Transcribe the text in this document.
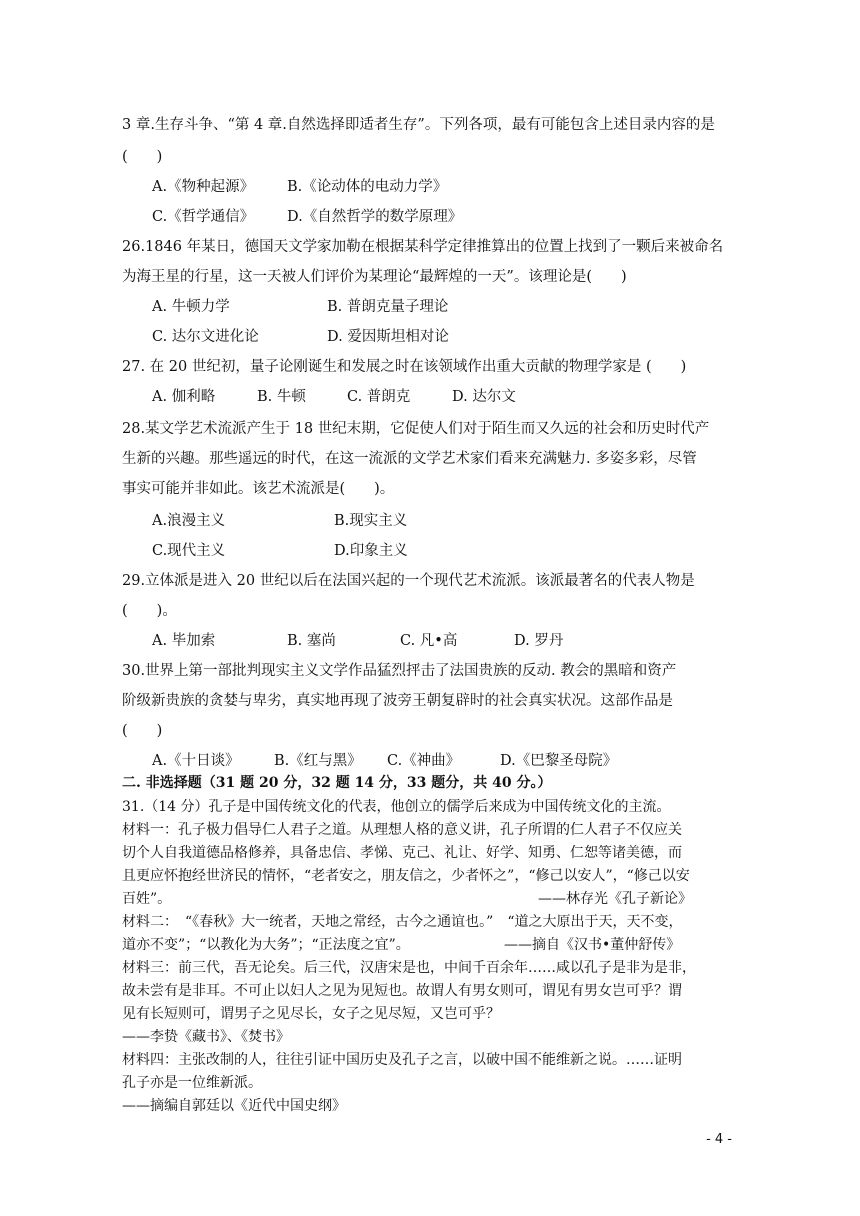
3 章.生存斗争、“第 4 章.自然选择即适者生存”。下列各项，最有可能包含上述目录内容的是
(　　)
A.《物种起源》 B.《论动体的电动力学》
C.《哲学通信》 D.《自然哲学的数学原理》
26.1846 年某日，德国天文学家加勒在根据某科学定律推算出的位置上找到了一颗后来被命名
为海王星的行星，这一天被人们评价为某理论“最辉煌的一天”。该理论是(　　)
A. 牛顿力学	B. 普朗克量子理论
C. 达尔文进化论	D. 爱因斯坦相对论
27. 在 20 世纪初，量子论刚诞生和发展之时在该领域作出重大贡献的物理学家是 (　　)
A. 伽利略	B. 牛顿	C. 普朗克	D. 达尔文
28.某文学艺术流派产生于 18 世纪末期，它促使人们对于陌生而又久远的社会和历史时代产
生新的兴趣。那些遥远的时代，在这一流派的文学艺术家们看来充满魅力. 多姿多彩，尽管
事实可能并非如此。该艺术流派是(　　)。
A.浪漫主义	B.现实主义
C.现代主义	D.印象主义
29.立体派是进入 20 世纪以后在法国兴起的一个现代艺术流派。该派最著名的代表人物是
(　　)。
A. 毕加索	B. 塞尚	C. 凡•高	D. 罗丹
30.世界上第一部批判现实主义文学作品猛烈抨击了法国贵族的反动. 教会的黑暗和资产
阶级新贵族的贪婪与卑劣，真实地再现了波旁王朝复辟时的社会真实状况。这部作品是
(　　)
A.《十日谈》 B.《红与黑》 C.《神曲》	D.《巴黎圣母院》
二. 非选择题（31 题 20 分，32 题 14 分，33 题分，共 40 分。）
31.（14 分）孔子是中国传统文化的代表，他创立的儒学后来成为中国传统文化的主流。
材料一：孔子极力倡导仁人君子之道。从理想人格的意义讲，孔子所谓的仁人君子不仅应关
切个人自我道德品格修养，具备忠信、孝悌、克己、礼让、好学、知勇、仁恕等诸美德，而
且更应怀抱经世济民的情怀，“老者安之，朋友信之，少者怀之”，“修己以安人”，“修己以安
百姓”。	——林存光《孔子新论》
材料二：　“《春秋》大一统者，天地之常经，古今之通谊也。”　“道之大原出于天，天不变，
道亦不变”；“以教化为大务”；“正法度之宜”。	——摘自《汉书•董仲舒传》
材料三：前三代，吾无论矣。后三代，汉唐宋是也，中间千百余年……咸以孔子是非为是非，
故未尝有是非耳。不可止以妇人之见为见短也。故谓人有男女则可，谓见有男女岂可乎？谓
见有长短则可，谓男子之见尽长，女子之见尽短，又岂可乎？
——李贽《藏书》、《焚书》
材料四：主张改制的人，往往引证中国历史及孔子之言，以破中国不能维新之说。……证明
孔子亦是一位维新派。
——摘编自郭廷以《近代中国史纲》
- 4 -
